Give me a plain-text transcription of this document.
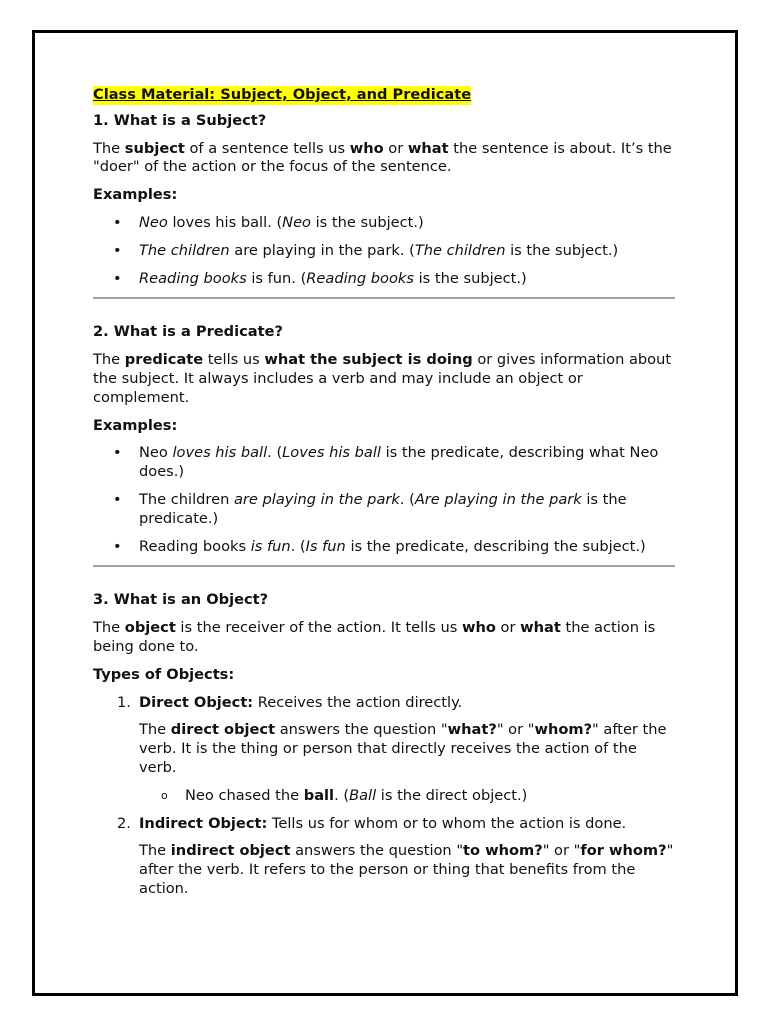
Class Material: Subject, Object, and Predicate
1. What is a Subject?

The subject of a sentence tells us who or what the sentence is about. It’s the "doer" of the action or the focus of the sentence.

Examples:
• Neo loves his ball. (Neo is the subject.)
• The children are playing in the park. (The children is the subject.)
• Reading books is fun. (Reading books is the subject.)
2. What is a Predicate?

The predicate tells us what the subject is doing or gives information about the subject. It always includes a verb and may include an object or complement.

Examples:
• Neo loves his ball. (Loves his ball is the predicate, describing what Neo does.)
• The children are playing in the park. (Are playing in the park is the predicate.)
• Reading books is fun. (Is fun is the predicate, describing the subject.)
3. What is an Object?

The object is the receiver of the action. It tells us who or what the action is being done to.

Types of Objects:
1. Direct Object: Receives the action directly.

The direct object answers the question "what?" or "whom?" after the verb. It is the thing or person that directly receives the action of the verb.

o Neo chased the ball. (Ball is the direct object.)
2. Indirect Object: Tells us for whom or to whom the action is done.

The indirect object answers the question "to whom?" or "for whom?" after the verb. It refers to the person or thing that benefits from the action.
